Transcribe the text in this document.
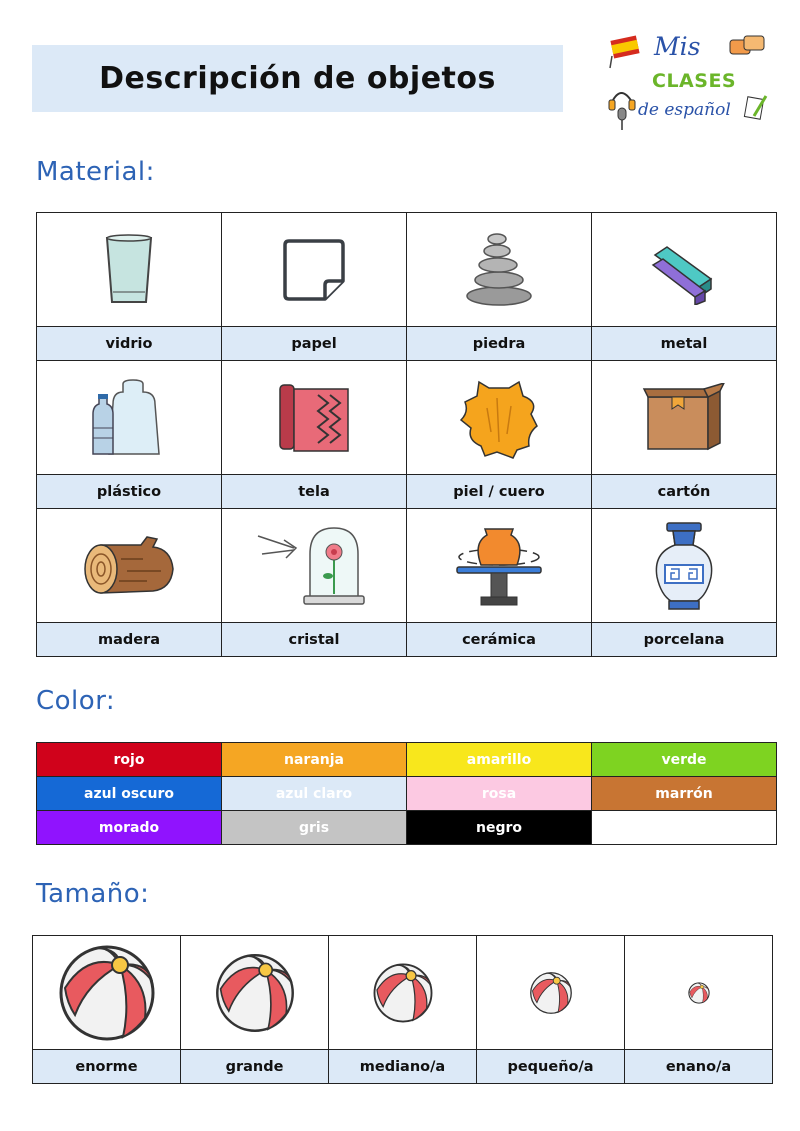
Descripción de objetos
Mis
CLASES
de español
Material:

vidrio	papel	piedra	metal

plástico	tela	piel / cuero	cartón

madera	cristal	cerámica	porcelana
Color:
rojo	naranja	amarillo	verde
azul oscuro	azul claro	rosa	marrón
morado	gris	negro	
Tamaño:

enorme	grande	mediano/a	pequeño/a	enano/a
